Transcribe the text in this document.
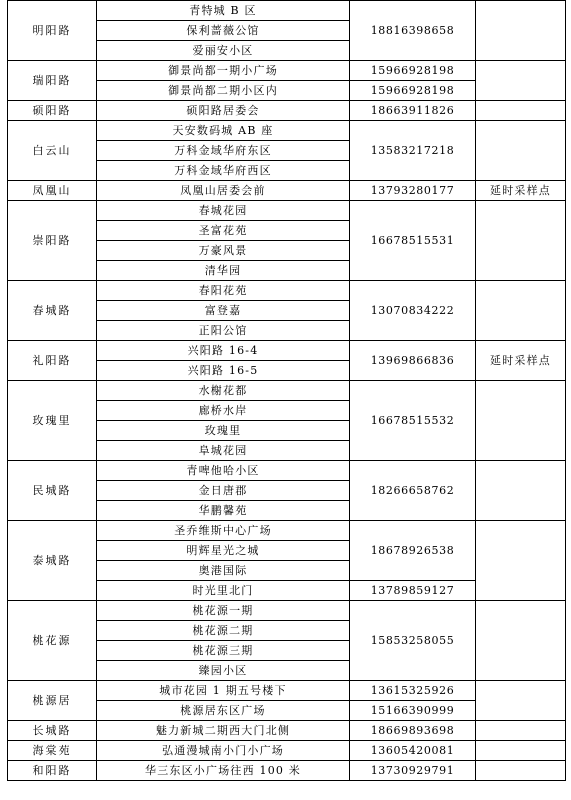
明阳路	青特城 B 区	18816398658	
	保利蔷薇公馆		
	爱丽安小区		
瑞阳路	御景尚都一期小广场	15966928198	
	御景尚都二期小区内	15966928198	
硕阳路	硕阳路居委会	18663911826	
白云山	天安数码城 AB 座	13583217218	
	万科金域华府东区		
	万科金域华府西区		
凤凰山	凤凰山居委会前	13793280177	延时采样点
崇阳路	春城花园	16678515531	
	圣富花苑		
	万豪风景		
	清华园		
春城路	春阳花苑	13070834222	
	富登嘉		
	正阳公馆		
礼阳路	兴阳路 16-4	13969866836	延时采样点
	兴阳路 16-5		
玫瑰里	水榭花都	16678515532	
	廊桥水岸		
	玫瑰里		
	阜城花园		
民城路	青啤他哈小区	18266658762	
	金日唐郡		
	华鹏馨苑		
泰城路	圣乔维斯中心广场	18678926538	
	明辉星光之城		
	奥港国际		
	时光里北门	13789859127	
桃花源	桃花源一期	15853258055	
	桃花源二期		
	桃花源三期		
	臻园小区		
桃源居	城市花园 1 期五号楼下	13615325926	
	桃源居东区广场	15166390999	
长城路	魅力新城二期西大门北侧	18669893698	
海棠苑	弘通漫城南小门小广场	13605420081	
和阳路	华三东区小广场往西 100 米	13730929791	
